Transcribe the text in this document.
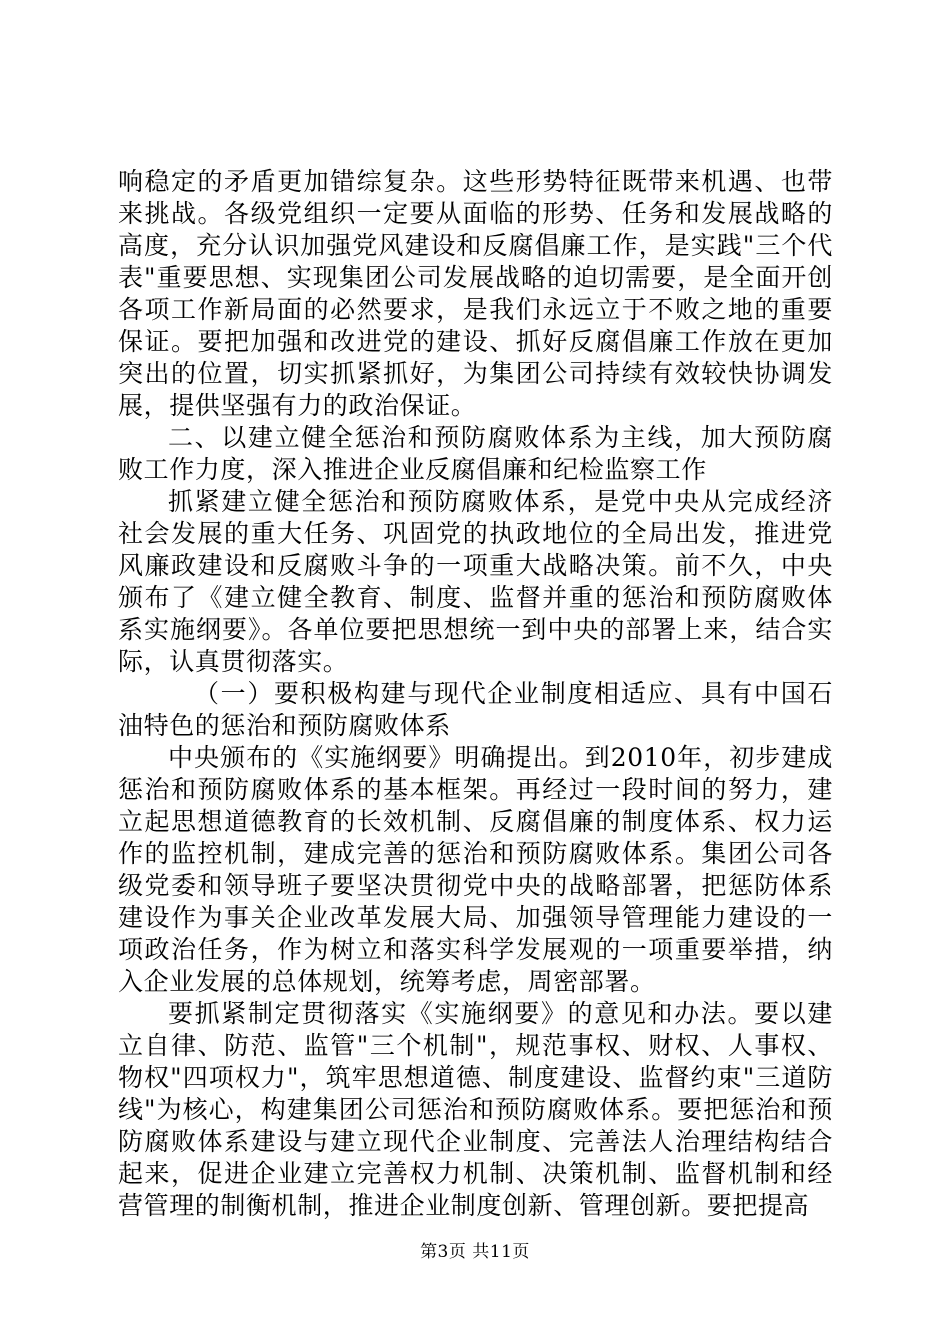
响稳定的矛盾更加错综复杂。这些形势特征既带来机遇、也带来挑战。各级党组织一定要从面临的形势、任务和发展战略的高度，充分认识加强党风建设和反腐倡廉工作，是实践"三个代表"重要思想、实现集团公司发展战略的迫切需要，是全面开创各项工作新局面的必然要求，是我们永远立于不败之地的重要保证。要把加强和改进党的建设、抓好反腐倡廉工作放在更加突出的位置，切实抓紧抓好，为集团公司持续有效较快协调发展，提供坚强有力的政治保证。

二、以建立健全惩治和预防腐败体系为主线，加大预防腐败工作力度，深入推进企业反腐倡廉和纪检监察工作

抓紧建立健全惩治和预防腐败体系，是党中央从完成经济社会发展的重大任务、巩固党的执政地位的全局出发，推进党风廉政建设和反腐败斗争的一项重大战略决策。前不久，中央颁布了《建立健全教育、制度、监督并重的惩治和预防腐败体系实施纲要》。各单位要把思想统一到中央的部署上来，结合实际，认真贯彻落实。

（一）要积极构建与现代企业制度相适应、具有中国石油特色的惩治和预防腐败体系

中央颁布的《实施纲要》明确提出。到2010年，初步建成惩治和预防腐败体系的基本框架。再经过一段时间的努力，建立起思想道德教育的长效机制、反腐倡廉的制度体系、权力运作的监控机制，建成完善的惩治和预防腐败体系。集团公司各级党委和领导班子要坚决贯彻党中央的战略部署，把惩防体系建设作为事关企业改革发展大局、加强领导管理能力建设的一项政治任务，作为树立和落实科学发展观的一项重要举措，纳入企业发展的总体规划，统筹考虑，周密部署。

要抓紧制定贯彻落实《实施纲要》的意见和办法。要以建立自律、防范、监管"三个机制"，规范事权、财权、人事权、物权"四项权力"，筑牢思想道德、制度建设、监督约束"三道防线"为核心，构建集团公司惩治和预防腐败体系。要把惩治和预防腐败体系建设与建立现代企业制度、完善法人治理结构结合起来，促进企业建立完善权力机制、决策机制、监督机制和经营管理的制衡机制，推进企业制度创新、管理创新。要把提高

第3页 共11页
